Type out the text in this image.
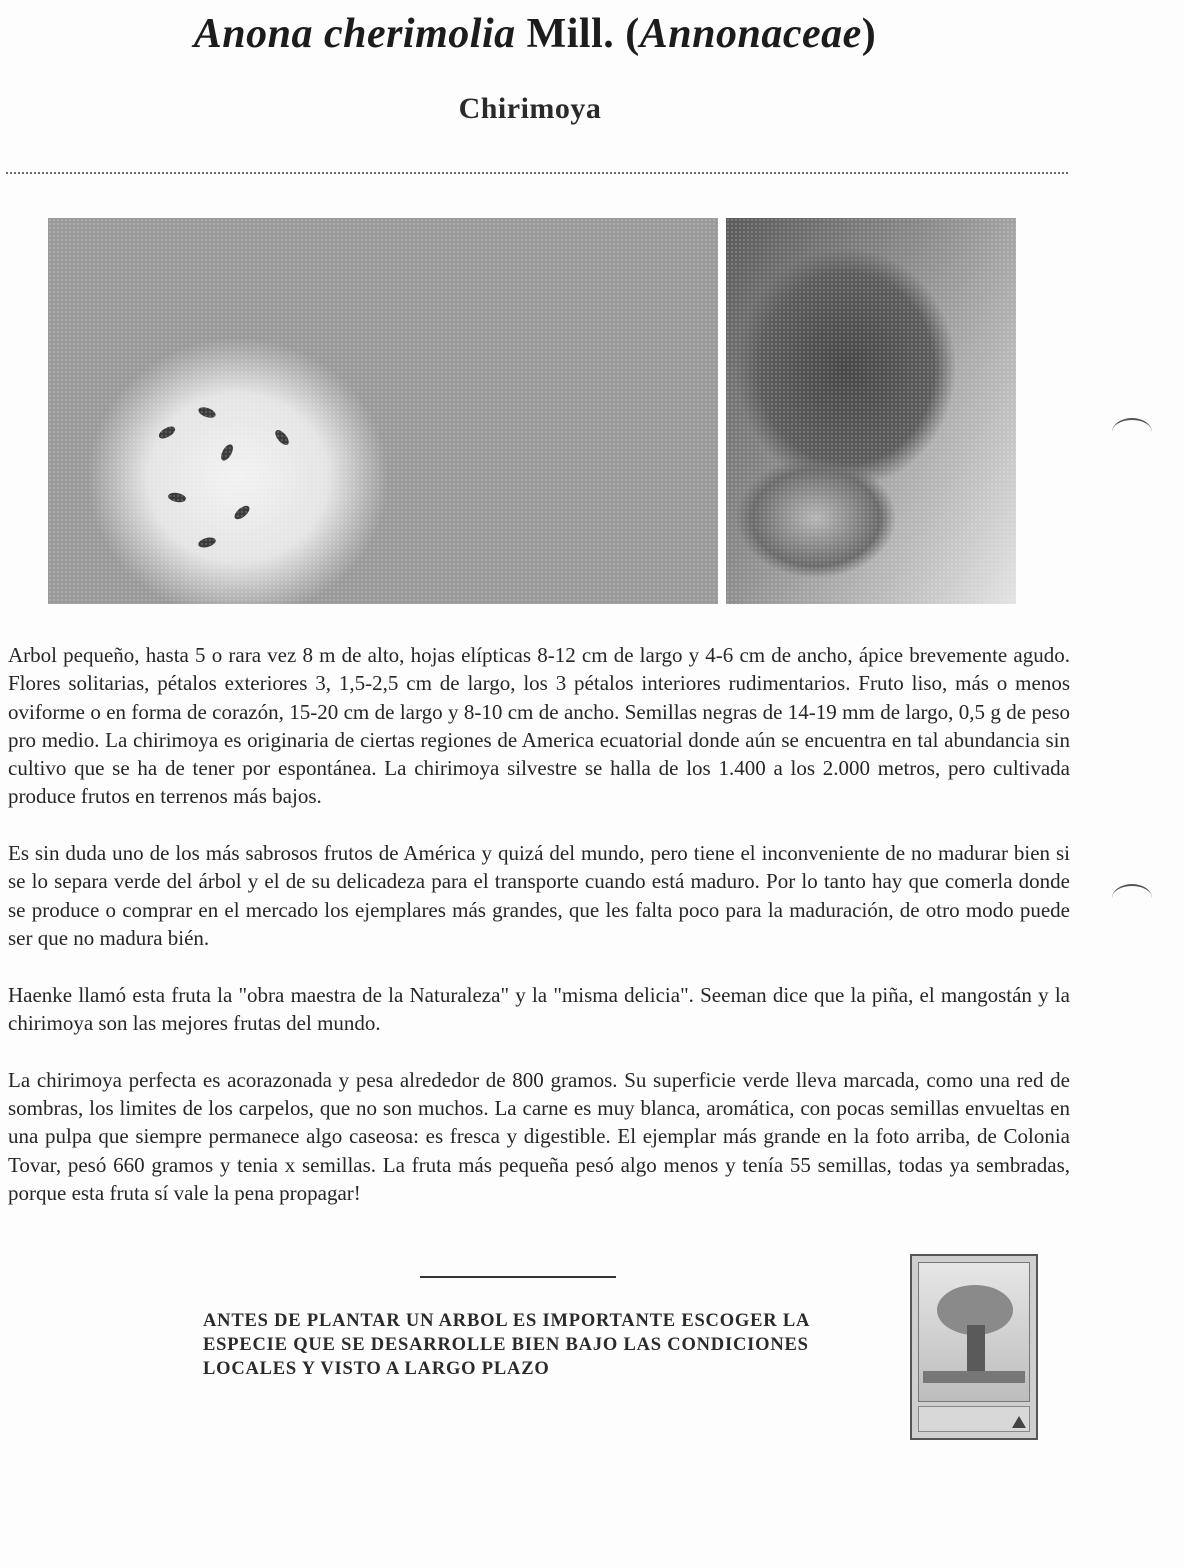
Anona cherimolia Mill. (Annonaceae)
Chirimoya

Arbol pequeño, hasta 5 o rara vez 8 m de alto, hojas elípticas 8-12 cm de largo y 4-6 cm de ancho, ápice brevemente agudo. Flores solitarias, pétalos exteriores 3, 1,5-2,5 cm de largo, los 3 pétalos interiores rudimentarios. Fruto liso, más o menos oviforme o en forma de corazón, 15-20 cm de largo y 8-10 cm de ancho. Semillas negras de 14-19 mm de largo, 0,5 g de peso pro medio. La chirimoya es originaria de ciertas regiones de America ecuatorial donde aún se encuentra en tal abundancia sin cultivo que se ha de tener por espontánea. La chirimoya silvestre se halla de los 1.400 a los 2.000 metros, pero cultivada produce frutos en terrenos más bajos.

Es sin duda uno de los más sabrosos frutos de América y quizá del mundo, pero tiene el inconveniente de no madurar bien si se lo separa verde del árbol y el de su delicadeza para el transporte cuando está maduro. Por lo tanto hay que comerla donde se produce o comprar en el mercado los ejemplares más grandes, que les falta poco para la maduración, de otro modo puede ser que no madura bién.

Haenke llamó esta fruta la "obra maestra de la Naturaleza" y la "misma delicia". Seeman dice que la piña, el mangostán y la chirimoya son las mejores frutas del mundo.

La chirimoya perfecta es acorazonada y pesa alrededor de 800 gramos. Su superficie verde lleva marcada, como una red de sombras, los limites de los carpelos, que no son muchos. La carne es muy blanca, aromática, con pocas semillas envueltas en una pulpa que siempre permanece algo caseosa: es fresca y digestible. El ejemplar más grande en la foto arriba, de Colonia Tovar, pesó 660 gramos y tenia x semillas. La fruta más pequeña pesó algo menos y tenía 55 semillas, todas ya sembradas, porque esta fruta sí vale la pena propagar!

ANTES DE PLANTAR UN ARBOL ES IMPORTANTE ESCOGER LA ESPECIE QUE SE DESARROLLE BIEN BAJO LAS CONDICIONES LOCALES Y VISTO A LARGO PLAZO
